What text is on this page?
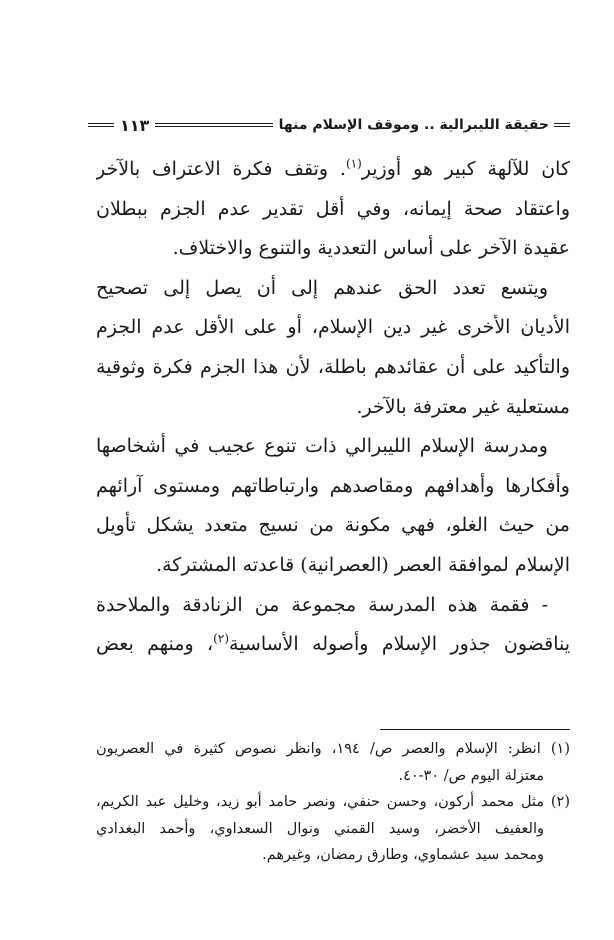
حقيقة الليبرالية .. وموقف الإسلام منها
١١٣
كان للآلهة كبير هو أوزير$^{(١)}$. وتقف فكرة الاعتراف بالآخر
واعتقاد صحة إيمانه، وفي أقل تقدير عدم الجزم ببطلان
عقيدة الآخر على أساس التعددية والتنوع والاختلاف.
ويتسع تعدد الحق عندهم إلى أن يصل إلى تصحيح
الأديان الأخرى غير دين الإسلام، أو على الأقل عدم الجزم
والتأكيد على أن عقائدهم باطلة، لأن هذا الجزم فكرة وثوقية
مستعلية غير معترفة بالآخر.
ومدرسة الإسلام الليبرالي ذات تنوع عجيب في أشخاصها
وأفكارها وأهدافهم ومقاصدهم وارتباطاتهم ومستوى آرائهم
من حيث الغلو، فهي مكونة من نسيج متعدد يشكل تأويل
الإسلام لموافقة العصر (العصرانية) قاعدته المشتركة.
- فقمة هذه المدرسة مجموعة من الزنادقة والملاحدة
يناقضون جذور الإسلام وأصوله الأساسية$^{(٢)}$، ومنهم بعض
(١) انظر: الإسلام والعصر ص/ ١٩٤، وانظر نصوص كثيرة في العصريون
معتزلة اليوم ص/ ٣٠-٤٠.
(٢) مثل محمد أركون، وحسن حنفي، ونصر حامد أبو زيد، وخليل عبد الكريم،
والعفيف الأخضر، وسيد القمني ونوال السعداوي، وأحمد البغدادي
ومحمد سيد عشماوي، وطارق رمضان، وغيرهم.
